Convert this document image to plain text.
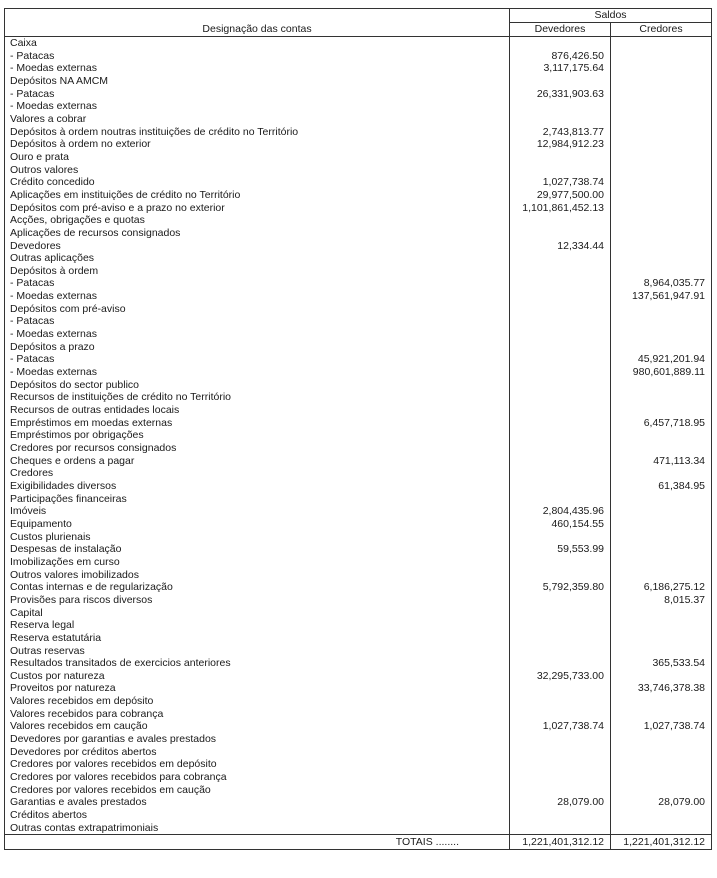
Designação das contas	Saldos	
	Devedores	Credores
Caixa		
- Patacas	876,426.50	
- Moedas externas	3,117,175.64	
Depósitos NA AMCM		
- Patacas	26,331,903.63	
- Moedas externas		
Valores a cobrar		
Depósitos à ordem noutras instituições de crédito no Território	2,743,813.77	
Depósitos à ordem no exterior	12,984,912.23	
Ouro e prata		
Outros valores		
Crédito concedido	1,027,738.74	
Aplicações em instituições de crédito no Território	29,977,500.00	
Depósitos com pré-aviso e a prazo no exterior	1,101,861,452.13	
Acções, obrigações e quotas		
Aplicações de recursos consignados		
Devedores	12,334.44	
Outras aplicações		
Depósitos à ordem		
- Patacas		8,964,035.77
- Moedas externas		137,561,947.91
Depósitos com pré-aviso		
- Patacas		
- Moedas externas		
Depósitos a prazo		
- Patacas		45,921,201.94
- Moedas externas		980,601,889.11
Depósitos do sector publico		
Recursos de instituições de crédito no Território		
Recursos de outras entidades locais		
Empréstimos em moedas externas		6,457,718.95
Empréstimos por obrigações		
Credores por recursos consignados		
Cheques e ordens a pagar		471,113.34
Credores		
Exigibilidades diversos		61,384.95
Participações financeiras		
Imóveis	2,804,435.96	
Equipamento	460,154.55	
Custos plurienais		
Despesas de instalação	59,553.99	
Imobilizações em curso		
Outros valores imobilizados		
Contas internas e de regularização	5,792,359.80	6,186,275.12
Provisões para riscos diversos		8,015.37
Capital		
Reserva legal		
Reserva estatutária		
Outras reservas		
Resultados transitados de exercicios anteriores		365,533.54
Custos por natureza	32,295,733.00	
Proveitos por natureza		33,746,378.38
Valores recebidos em depósito		
Valores recebidos para cobrança		
Valores recebidos em caução	1,027,738.74	1,027,738.74
Devedores por garantias e avales prestados		
Devedores por créditos abertos		
Credores por valores recebidos em depósito		
Credores por valores recebidos para cobrança		
Credores por valores recebidos em caução		
Garantias e avales prestados	28,079.00	28,079.00
Créditos abertos		
Outras contas extrapatrimoniais		
TOTAIS ........	1,221,401,312.12	1,221,401,312.12
